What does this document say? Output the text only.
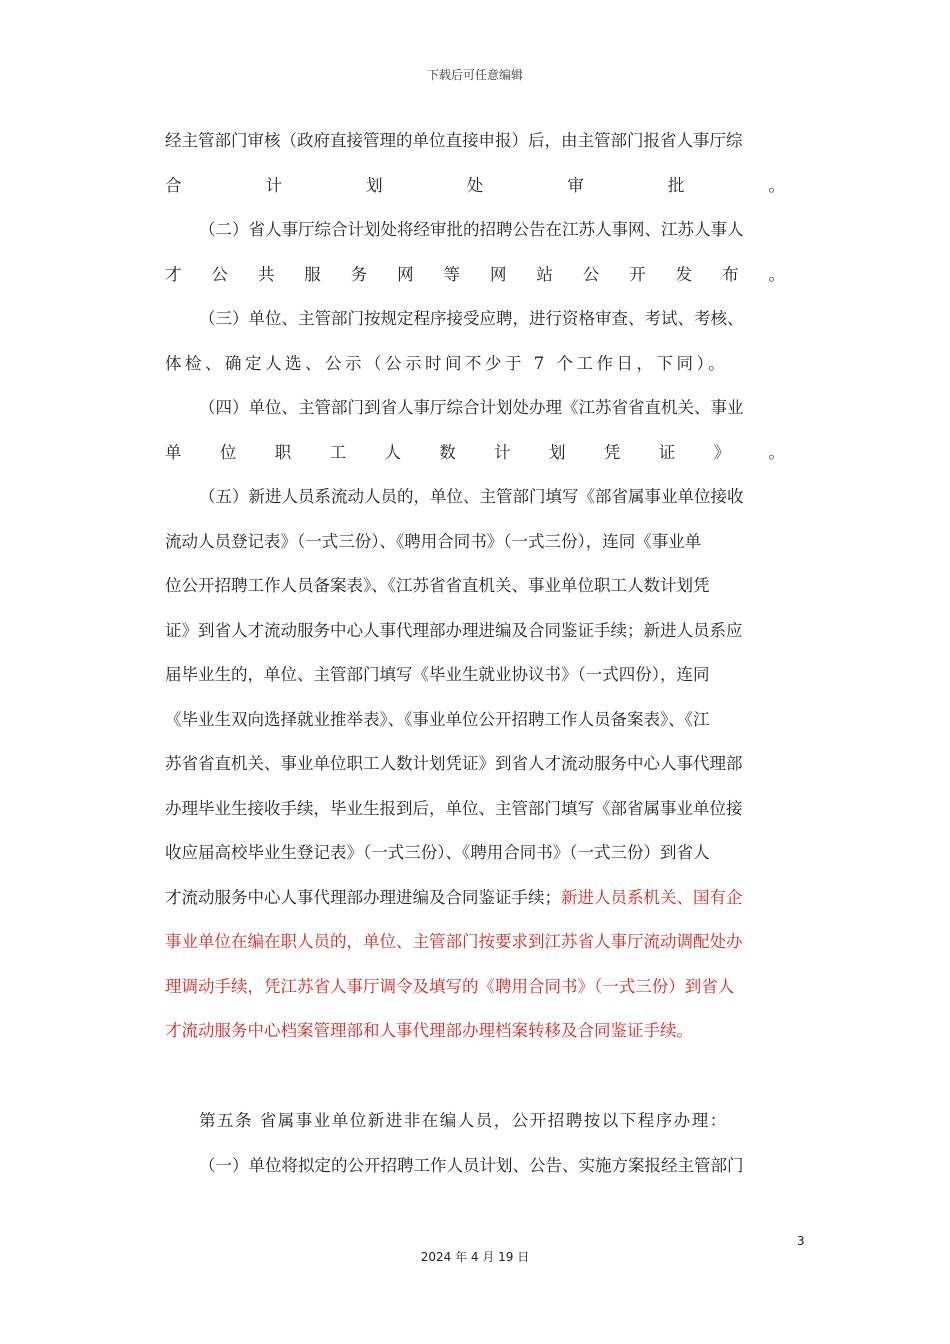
下载后可任意编辑
经主管部门审核（政府直接管理的单位直接申报）后，由主管部门报省人事厅综
合	计	划	处	审	批	。
（二）省人事厅综合计划处将经审批的招聘公告在江苏人事网、江苏人事人
才 公 共 服 务 网 等 网 站 公 开 发 布 。
（三）单位、主管部门按规定程序接受应聘，进行资格审查、考试、考核、
体检、确定人选、公示（公示时间不少于 7 个工作日，下同）。
（四）单位、主管部门到省人事厅综合计划处办理《江苏省省直机关、事业
单 位 职 工 人 数 计 划 凭 证 》 。
（五）新进人员系流动人员的，单位、主管部门填写《部省属事业单位接收
流动人员登记表》（一式三份）、《聘用合同书》（一式三份），连同《事业单
位公开招聘工作人员备案表》、《江苏省省直机关、事业单位职工人数计划凭
证》到省人才流动服务中心人事代理部办理进编及合同鉴证手续；新进人员系应
届毕业生的，单位、主管部门填写《毕业生就业协议书》（一式四份），连同
《毕业生双向选择就业推举表》、《事业单位公开招聘工作人员备案表》、《江
苏省省直机关、事业单位职工人数计划凭证》到省人才流动服务中心人事代理部
办理毕业生接收手续，毕业生报到后，单位、主管部门填写《部省属事业单位接
收应届高校毕业生登记表》（一式三份）、《聘用合同书》（一式三份）到省人
才流动服务中心人事代理部办理进编及合同鉴证手续；新进人员系机关、国有企
事业单位在编在职人员的，单位、主管部门按要求到江苏省人事厅流动调配处办
理调动手续，凭江苏省人事厅调令及填写的《聘用合同书》（一式三份）到省人
才流动服务中心档案管理部和人事代理部办理档案转移及合同鉴证手续。
第五条 省属事业单位新进非在编人员，公开招聘按以下程序办理：
（一）单位将拟定的公开招聘工作人员计划、公告、实施方案报经主管部门
3
2024 年 4 月 19 日
